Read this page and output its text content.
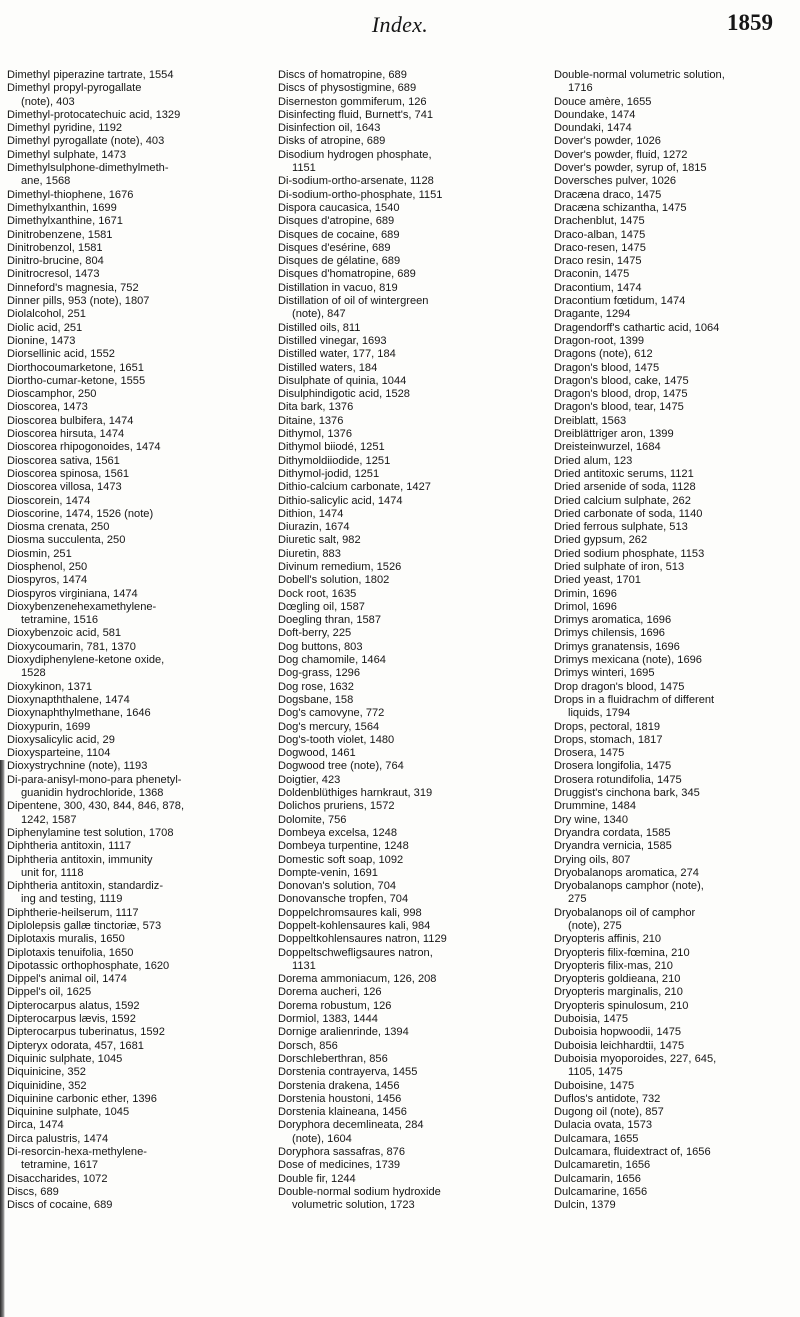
Index.	1859
Dimethyl piperazine tartrate, 1554
Dimethyl propyl-pyrogallate
(note), 403
Dimethyl-protocatechuic acid, 1329
Dimethyl pyridine, 1192
Dimethyl pyrogallate (note), 403
Dimethyl sulphate, 1473
Dimethylsulphone-dimethylmeth-
ane, 1568
Dimethyl-thiophene, 1676
Dimethylxanthin, 1699
Dimethylxanthine, 1671
Dinitrobenzene, 1581
Dinitrobenzol, 1581
Dinitro-brucine, 804
Dinitrocresol, 1473
Dinneford's magnesia, 752
Dinner pills, 953 (note), 1807
Diolalcohol, 251
Diolic acid, 251
Dionine, 1473
Diorsellinic acid, 1552
Diorthocoumarketone, 1651
Diortho-cumar-ketone, 1555
Dioscamphor, 250
Dioscorea, 1473
Dioscorea bulbifera, 1474
Dioscorea hirsuta, 1474
Dioscorea rhipogonoides, 1474
Dioscorea sativa, 1561
Dioscorea spinosa, 1561
Dioscorea villosa, 1473
Dioscorein, 1474
Dioscorine, 1474, 1526 (note)
Diosma crenata, 250
Diosma succulenta, 250
Diosmin, 251
Diosphenol, 250
Diospyros, 1474
Diospyros virginiana, 1474
Dioxybenzenehexamethylene-
tetramine, 1516
Dioxybenzoic acid, 581
Dioxycoumarin, 781, 1370
Dioxydiphenylene-ketone oxide,
1528
Dioxykinon, 1371
Dioxynapththalene, 1474
Dioxynaphthylmethane, 1646
Dioxypurin, 1699
Dioxysalicylic acid, 29
Dioxysparteine, 1104
Dioxystrychnine (note), 1193
Di-para-anisyl-mono-para phenetyl-
guanidin hydrochloride, 1368
Dipentene, 300, 430, 844, 846, 878,
1242, 1587
Diphenylamine test solution, 1708
Diphtheria antitoxin, 1117
Diphtheria antitoxin, immunity
unit for, 1118
Diphtheria antitoxin, standardiz-
ing and testing, 1119
Diphtherie-heilserum, 1117
Diplolepsis gallæ tinctoriæ, 573
Diplotaxis muralis, 1650
Diplotaxis tenuifolia, 1650
Dipotassic orthophosphate, 1620
Dippel's animal oil, 1474
Dippel's oil, 1625
Dipterocarpus alatus, 1592
Dipterocarpus lævis, 1592
Dipterocarpus tuberinatus, 1592
Dipteryx odorata, 457, 1681
Diquinic sulphate, 1045
Diquinicine, 352
Diquinidine, 352
Diquinine carbonic ether, 1396
Diquinine sulphate, 1045
Dirca, 1474
Dirca palustris, 1474
Di-resorcin-hexa-methylene-
tetramine, 1617
Disaccharides, 1072
Discs, 689
Discs of cocaine, 689
Discs of homatropine, 689
Discs of physostigmine, 689
Diserneston gommiferum, 126
Disinfecting fluid, Burnett's, 741
Disinfection oil, 1643
Disks of atropine, 689
Disodium hydrogen phosphate,
1151
Di-sodium-ortho-arsenate, 1128
Di-sodium-ortho-phosphate, 1151
Dispora caucasica, 1540
Disques d'atropine, 689
Disques de cocaine, 689
Disques d'esérine, 689
Disques de gélatine, 689
Disques d'homatropine, 689
Distillation in vacuo, 819
Distillation of oil of wintergreen
(note), 847
Distilled oils, 811
Distilled vinegar, 1693
Distilled water, 177, 184
Distilled waters, 184
Disulphate of quinia, 1044
Disulphindigotic acid, 1528
Dita bark, 1376
Ditaine, 1376
Dithymol, 1376
Dithymol biiodé, 1251
Dithymoldiiodide, 1251
Dithymol-jodid, 1251
Dithio-calcium carbonate, 1427
Dithio-salicylic acid, 1474
Dithion, 1474
Diurazin, 1674
Diuretic salt, 982
Diuretin, 883
Divinum remedium, 1526
Dobell's solution, 1802
Dock root, 1635
Dœgling oil, 1587
Doegling thran, 1587
Doft-berry, 225
Dog buttons, 803
Dog chamomile, 1464
Dog-grass, 1296
Dog rose, 1632
Dogsbane, 158
Dog's camovyne, 772
Dog's mercury, 1564
Dog's-tooth violet, 1480
Dogwood, 1461
Dogwood tree (note), 764
Doigtier, 423
Doldenblüthiges harnkraut, 319
Dolichos pruriens, 1572
Dolomite, 756
Dombeya excelsa, 1248
Dombeya turpentine, 1248
Domestic soft soap, 1092
Dompte-venin, 1691
Donovan's solution, 704
Donovansche tropfen, 704
Doppelchromsaures kali, 998
Doppelt-kohlensaures kali, 984
Doppeltkohlensaures natron, 1129
Doppeltschwefligsaures natron,
1131
Dorema ammoniacum, 126, 208
Dorema aucheri, 126
Dorema robustum, 126
Dormiol, 1383, 1444
Dornige aralienrinde, 1394
Dorsch, 856
Dorschleberthran, 856
Dorstenia contrayerva, 1455
Dorstenia drakena, 1456
Dorstenia houstoni, 1456
Dorstenia klaineana, 1456
Doryphora decemlineata, 284
(note), 1604
Doryphora sassafras, 876
Dose of medicines, 1739
Double fir, 1244
Double-normal sodium hydroxide
volumetric solution, 1723
Double-normal volumetric solution,
1716
Douce amère, 1655
Doundake, 1474
Doundaki, 1474
Dover's powder, 1026
Dover's powder, fluid, 1272
Dover's powder, syrup of, 1815
Doversches pulver, 1026
Dracæna draco, 1475
Dracæna schizantha, 1475
Drachenblut, 1475
Draco-alban, 1475
Draco-resen, 1475
Draco resin, 1475
Draconin, 1475
Dracontium, 1474
Dracontium fœtidum, 1474
Dragante, 1294
Dragendorff's cathartic acid, 1064
Dragon-root, 1399
Dragons (note), 612
Dragon's blood, 1475
Dragon's blood, cake, 1475
Dragon's blood, drop, 1475
Dragon's blood, tear, 1475
Dreiblatt, 1563
Dreiblättriger aron, 1399
Dreisteinwurzel, 1684
Dried alum, 123
Dried antitoxic serums, 1121
Dried arsenide of soda, 1128
Dried calcium sulphate, 262
Dried carbonate of soda, 1140
Dried ferrous sulphate, 513
Dried gypsum, 262
Dried sodium phosphate, 1153
Dried sulphate of iron, 513
Dried yeast, 1701
Drimin, 1696
Drimol, 1696
Drimys aromatica, 1696
Drimys chilensis, 1696
Drimys granatensis, 1696
Drimys mexicana (note), 1696
Drimys winteri, 1695
Drop dragon's blood, 1475
Drops in a fluidrachm of different
liquids, 1794
Drops, pectoral, 1819
Drops, stomach, 1817
Drosera, 1475
Drosera longifolia, 1475
Drosera rotundifolia, 1475
Druggist's cinchona bark, 345
Drummine, 1484
Dry wine, 1340
Dryandra cordata, 1585
Dryandra vernicia, 1585
Drying oils, 807
Dryobalanops aromatica, 274
Dryobalanops camphor (note),
275
Dryobalanops oil of camphor
(note), 275
Dryopteris affinis, 210
Dryopteris filix-fœmina, 210
Dryopteris filix-mas, 210
Dryopteris goldieana, 210
Dryopteris marginalis, 210
Dryopteris spinulosum, 210
Duboisia, 1475
Duboisia hopwoodii, 1475
Duboisia leichhardtii, 1475
Duboisia myoporoides, 227, 645,
1105, 1475
Duboisine, 1475
Duflos's antidote, 732
Dugong oil (note), 857
Dulacia ovata, 1573
Dulcamara, 1655
Dulcamara, fluidextract of, 1656
Dulcamaretin, 1656
Dulcamarin, 1656
Dulcamarine, 1656
Dulcin, 1379
